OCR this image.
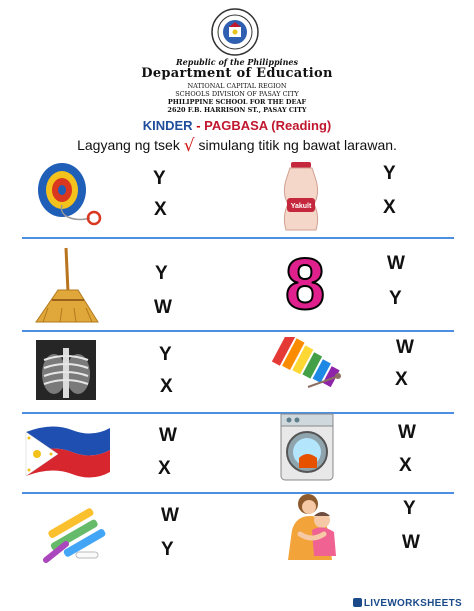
Republic of the Philippines
Department of Education
NATIONAL CAPITAL REGION
SCHOOLS DIVISION OF PASAY CITY
PHILIPPINE SCHOOL FOR THE DEAF
2620 F.B. HARRISON ST., PASAY CITY
KINDER - PAGBASA (Reading)
Lagyang ng tsek √ simulang titik ng bawat larawan.
Y
X	Yakult
Y
X
Y
W 8	W
Y
Y
X
W
X
W
X
W
X
W
Y
Y
W
LIVEWORKSHEETS
